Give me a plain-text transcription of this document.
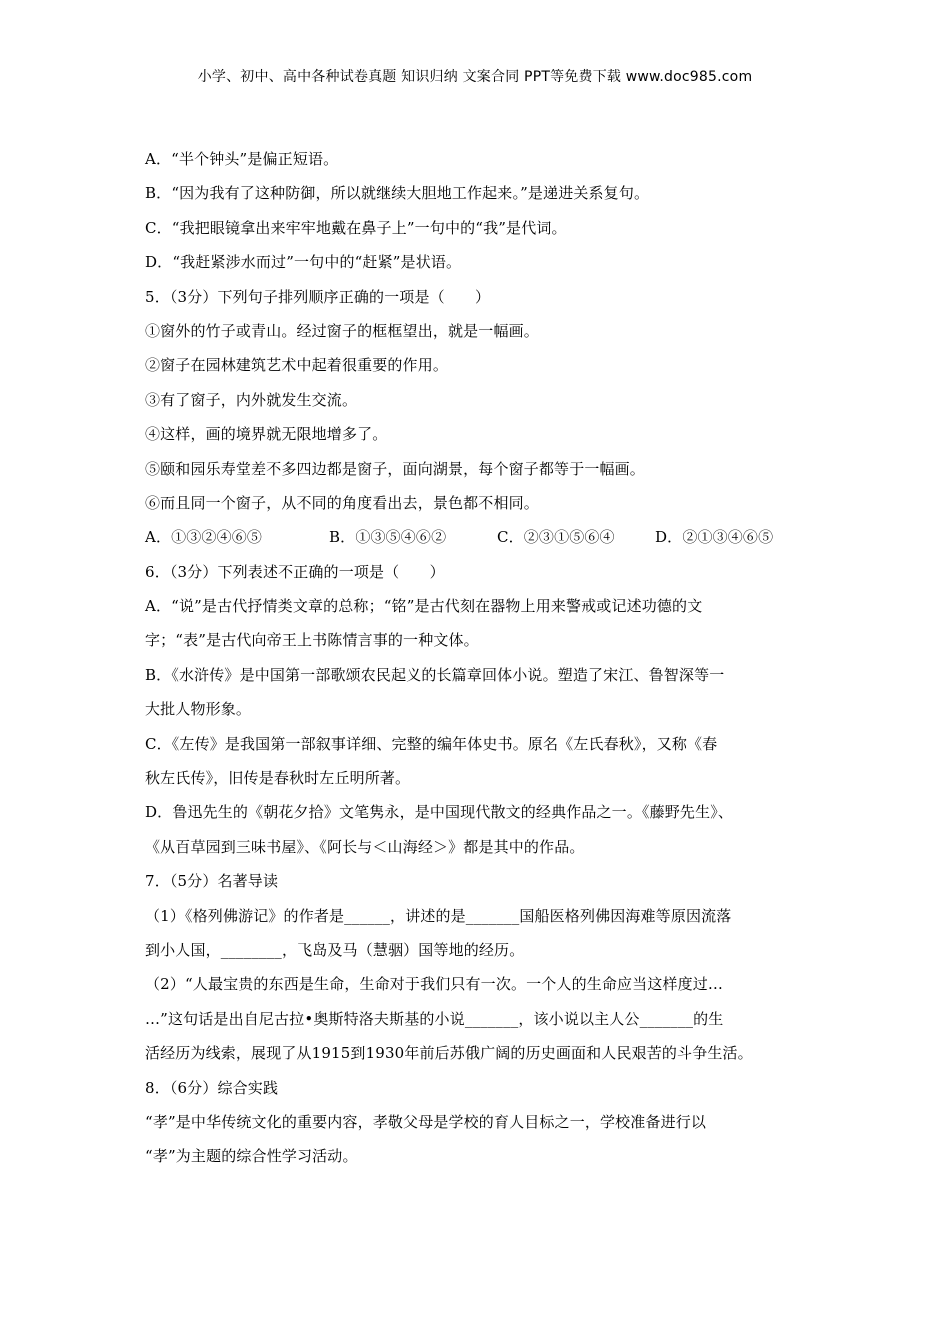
小学、初中、高中各种试卷真题 知识归纳 文案合同 PPT等免费下载 www.doc985.com
A．“半个钟头”是偏正短语。
B．“因为我有了这种防御，所以就继续大胆地工作起来。”是递进关系复句。
C．“我把眼镜拿出来牢牢地戴在鼻子上”一句中的“我”是代词。
D．“我赶紧涉水而过”一句中的“赶紧”是状语。
5．（3分）下列句子排列顺序正确的一项是（　　）
①窗外的竹子或青山。经过窗子的框框望出，就是一幅画。
②窗子在园林建筑艺术中起着很重要的作用。
③有了窗子，内外就发生交流。
④这样，画的境界就无限地增多了。
⑤颐和园乐寿堂差不多四边都是窗子，面向湖景，每个窗子都等于一幅画。
⑥而且同一个窗子，从不同的角度看出去，景色都不相同。
A．①③②④⑥⑤	B．①③⑤④⑥②	C．②③①⑤⑥④	D．②①③④⑥⑤
6．（3分）下列表述不正确的一项是（　　）
A．“说”是古代抒情类文章的总称；“铭”是古代刻在器物上用来警戒或记述功德的文
字；“表”是古代向帝王上书陈情言事的一种文体。
B．《水浒传》是中国第一部歌颂农民起义的长篇章回体小说。塑造了宋江、鲁智深等一
大批人物形象。
C．《左传》是我国第一部叙事详细、完整的编年体史书。原名《左氏春秋》，又称《春
秋左氏传》，旧传是春秋时左丘明所著。
D．鲁迅先生的《朝花夕拾》文笔隽永，是中国现代散文的经典作品之一。《藤野先生》、
《从百草园到三味书屋》、《阿长与＜山海经＞》都是其中的作品。
7．（5分）名著导读
（1）《格列佛游记》的作者是______，讲述的是_______国船医格列佛因海难等原因流落
到小人国，________，飞岛及马（慧骃）国等地的经历。
（2）“人最宝贵的东西是生命，生命对于我们只有一次。一个人的生命应当这样度过…
…”这句话是出自尼古拉•奥斯特洛夫斯基的小说_______，该小说以主人公_______的生
活经历为线索，展现了从1915到1930年前后苏俄广阔的历史画面和人民艰苦的斗争生活。
8．（6分）综合实践
“孝”是中华传统文化的重要内容，孝敬父母是学校的育人目标之一，学校准备进行以
“孝”为主题的综合性学习活动。
